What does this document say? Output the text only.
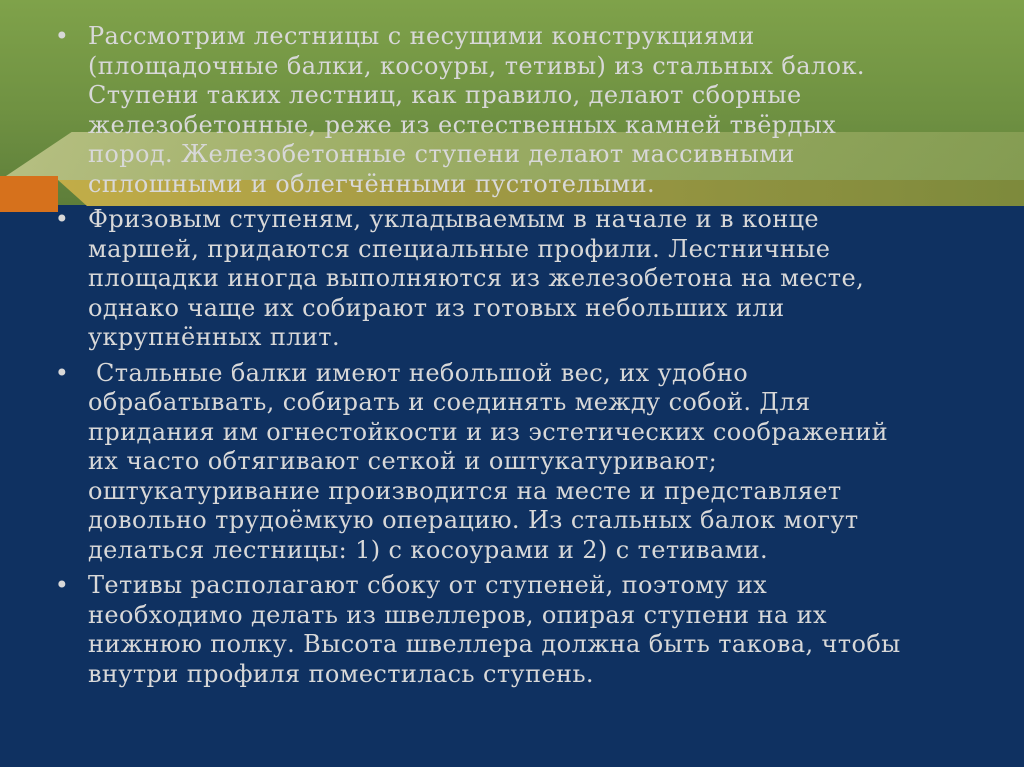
• Рассмотрим лестницы с несущими конструкциями
(площадочные балки, косоуры, тетивы) из стальных балок.
Ступени таких лестниц, как правило, делают сборные
железобетонные, реже из естественных камней твёрдых
пород. Железобетонные ступени делают массивными
сплошными и облегчёнными пустотелыми.
• Фризовым ступеням, укладываемым в начале и в конце
маршей, придаются специальные профили. Лестничные
площадки иногда выполняются из железобетона на месте,
однако чаще их собирают из готовых небольших или
укрупнённых плит.
• Стальные балки имеют небольшой вес, их удобно
обрабатывать, собирать и соединять между собой. Для
придания им огнестойкости и из эстетических соображений
их часто обтягивают сеткой и оштукатуривают;
оштукатуривание производится на месте и представляет
довольно трудоёмкую операцию. Из стальных балок могут
делаться лестницы: 1) с косоурами и 2) с тетивами.
• Тетивы располагают сбоку от ступеней, поэтому их
необходимо делать из швеллеров, опирая ступени на их
нижнюю полку. Высота швеллера должна быть такова, чтобы
внутри профиля поместилась ступень.
